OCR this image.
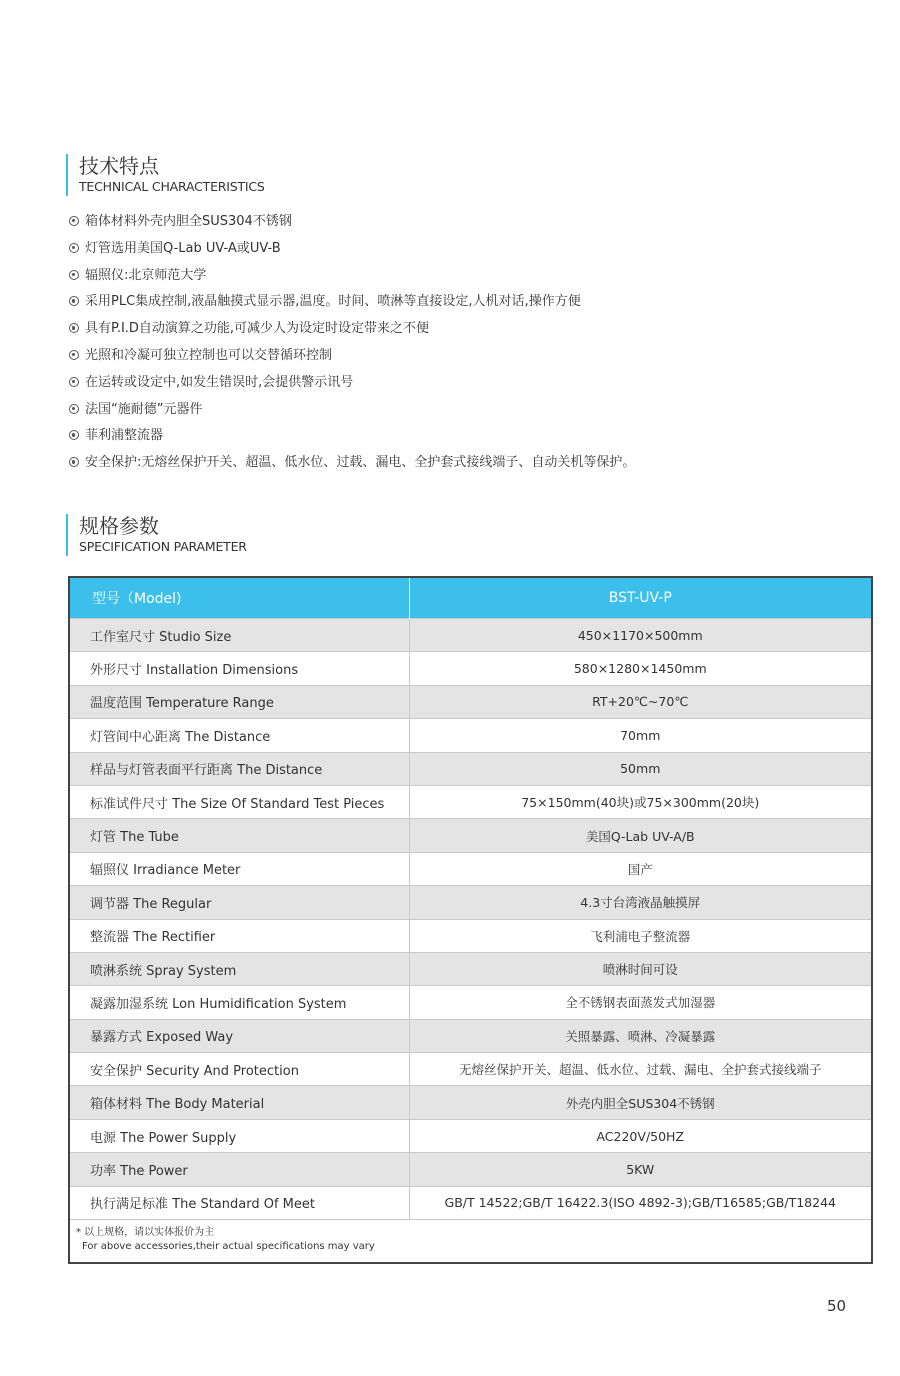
技术特点
TECHNICAL CHARACTERISTICS
箱体材料外壳内胆全SUS304不锈钢
灯管选用美国Q-Lab UV-A或UV-B
辐照仪:北京师范大学
采用PLC集成控制,液晶触摸式显示器,温度。时间、喷淋等直接设定,人机对话,操作方便
具有P.I.D自动演算之功能,可减少人为设定时设定带来之不便
光照和冷凝可独立控制也可以交替循环控制
在运转或设定中,如发生错误时,会提供警示讯号
法国“施耐德”元器件
菲利浦整流器
安全保护:无熔丝保护开关、超温、低水位、过载、漏电、全护套式接线端子、自动关机等保护。
规格参数
SPECIFICATION PARAMETER
型号（Model)	BST-UV-P
工作室尺寸 Studio Size	450×1170×500mm
外形尺寸 Installation Dimensions	580×1280×1450mm
温度范围 Temperature Range	RT+20℃~70℃
灯管间中心距离 The Distance	70mm
样品与灯管表面平行距离 The Distance	50mm
标准试件尺寸 The Size Of Standard Test Pieces	75×150mm(40块)或75×300mm(20块)
灯管 The Tube	美国Q-Lab UV-A/B
辐照仪 Irradiance Meter	国产
调节器 The Regular	4.3寸台湾液晶触摸屏
整流器 The Rectifier	飞利浦电子整流器
喷淋系统 Spray System	喷淋时间可设
凝露加湿系统 Lon Humidification System	全不锈钢表面蒸发式加湿器
暴露方式 Exposed Way	关照暴露、喷淋、冷凝暴露
安全保护 Security And Protection	无熔丝保护开关、超温、低水位、过载、漏电、全护套式接线端子
箱体材料 The Body Material	外壳内胆全SUS304不锈钢
电源 The Power Supply	AC220V/50HZ
功率 The Power	5KW
执行满足标准 The Standard Of Meet	GB/T 14522;GB/T 16422.3(ISO 4892-3);GB/T16585;GB/T18244
* 以上规格，请以实体报价为主
For above accessories,their actual specifications may vary
50
